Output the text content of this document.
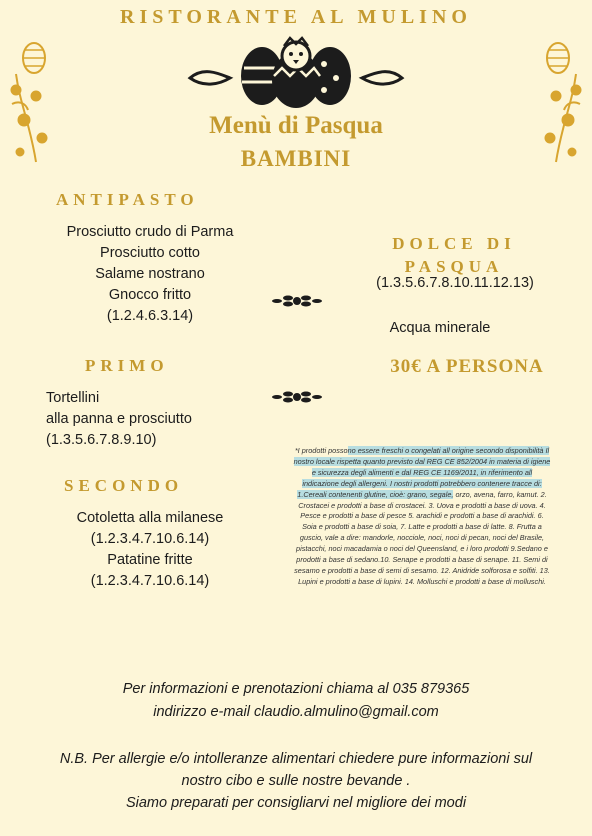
RISTORANTE AL MULINO
Menù di Pasqua
BAMBINI
ANTIPASTO
Prosciutto crudo di Parma
Prosciutto cotto
Salame nostrano
Gnocco fritto
(1.2.4.6.3.14)
PRIMO
Tortellini
alla panna e prosciutto
(1.3.5.6.7.8.9.10)
SECONDO
Cotoletta alla milanese
(1.2.3.4.7.10.6.14)
Patatine fritte
(1.2.3.4.7.10.6.14)
DOLCE DI
PASQUA
(1.3.5.6.7.8.10.11.12.13)
Acqua minerale
30€ A PERSONA
*I prodotti possono essere freschi o congelati all origine secondo disponibilità Il nostro locale rispetta quanto previsto dal REG CE 852/2004 in materia di igiene e sicurezza degli alimenti e dal REG CE 1169/2011, in riferimento all indicazione degli allergeni. I nostri prodotti potrebbero contenere tracce di: 1.Cereali contenenti glutine, cioè: grano, segale, orzo, avena, farro, kamut. 2. Crostacei e prodotti a base di crostacei. 3. Uova e prodotti a base di uova. 4. Pesce e prodotti a base di pesce 5. arachidi e prodotti a base di arachidi. 6. Soia e prodotti a base di soia, 7. Latte e prodotti a base di latte. 8. Frutta a guscio, vale a dire: mandorle, nocciole, noci, noci di pecan, noci del Brasile, pistacchi, noci macadamia o noci del Queensland, e i loro prodotti 9.Sedano e prodotti a base di sedano.10. Senape e prodotti a base di senape. 11. Semi di sesamo e prodotti a base di semi di sesamo. 12. Anidride solforosa e solfiti. 13. Lupini e prodotti a base di lupini. 14. Molluschi e prodotti a base di molluschi.
Per informazioni e prenotazioni chiama al 035 879365
indirizzo e-mail claudio.almulino@gmail.com
N.B. Per allergie e/o intolleranze alimentari chiedere pure informazioni sul
nostro cibo e sulle nostre bevande .
Siamo preparati per consigliarvi nel migliore dei modi
